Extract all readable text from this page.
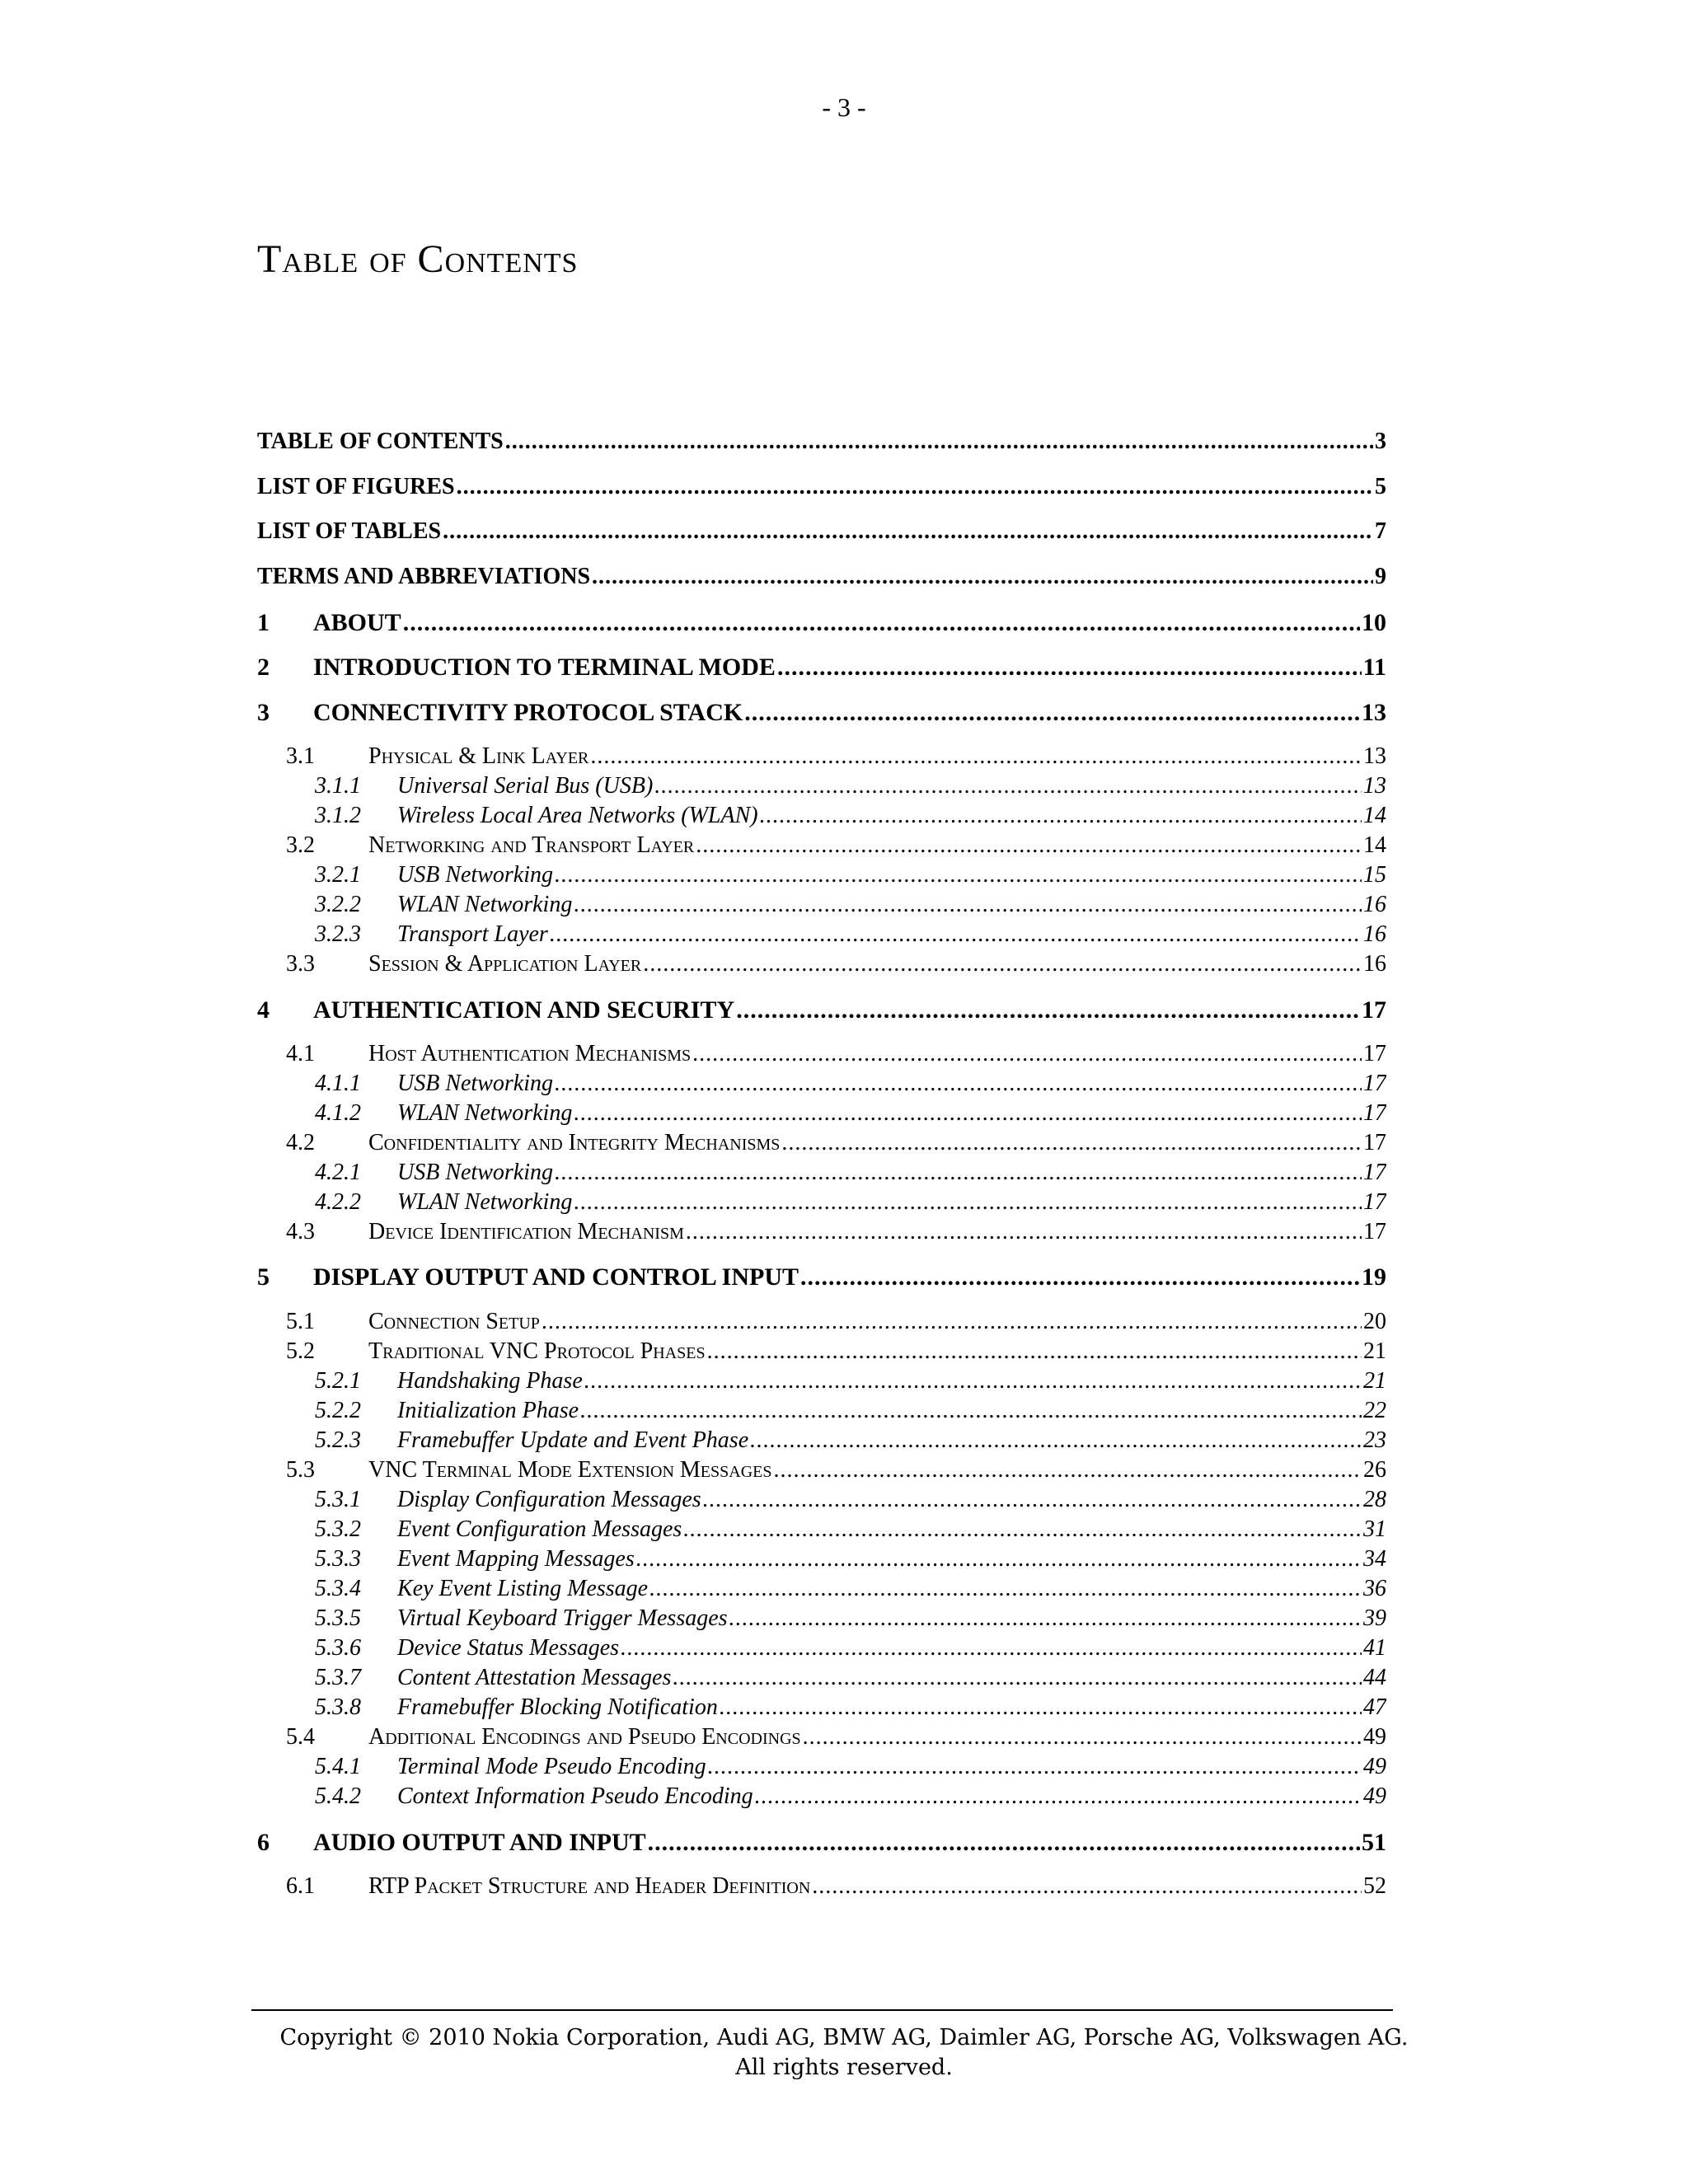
- 3 -
Table of Contents
TABLE OF CONTENTS .....	3
LIST OF FIGURES .....	5
LIST OF TABLES .....	7
TERMS AND ABBREVIATIONS .....	9
1	ABOUT .....	10
2	INTRODUCTION TO TERMINAL MODE .....	11
3	CONNECTIVITY PROTOCOL STACK .....	13
3.1	Physical & Link Layer .....	13
3.1.1	Universal Serial Bus (USB) .....	13
3.1.2	Wireless Local Area Networks (WLAN) .....	14
3.2	Networking and Transport Layer .....	14
3.2.1	USB Networking .....	15
3.2.2	WLAN Networking .....	16
3.2.3	Transport Layer .....	16
3.3	Session & Application Layer .....	16
4	AUTHENTICATION AND SECURITY .....	17
4.1	Host Authentication Mechanisms .....	17
4.1.1	USB Networking .....	17
4.1.2	WLAN Networking .....	17
4.2	Confidentiality and Integrity Mechanisms .....	17
4.2.1	USB Networking .....	17
4.2.2	WLAN Networking .....	17
4.3	Device Identification Mechanism .....	17
5	DISPLAY OUTPUT AND CONTROL INPUT .....	19
5.1	Connection Setup .....	20
5.2	Traditional VNC Protocol Phases .....	21
5.2.1	Handshaking Phase .....	21
5.2.2	Initialization Phase .....	22
5.2.3	Framebuffer Update and Event Phase .....	23
5.3	VNC Terminal Mode Extension Messages .....	26
5.3.1	Display Configuration Messages .....	28
5.3.2	Event Configuration Messages .....	31
5.3.3	Event Mapping Messages .....	34
5.3.4	Key Event Listing Message .....	36
5.3.5	Virtual Keyboard Trigger Messages .....	39
5.3.6	Device Status Messages .....	41
5.3.7	Content Attestation Messages .....	44
5.3.8	Framebuffer Blocking Notification .....	47
5.4	Additional Encodings and Pseudo Encodings .....	49
5.4.1	Terminal Mode Pseudo Encoding .....	49
5.4.2	Context Information Pseudo Encoding .....	49
6	AUDIO OUTPUT AND INPUT .....	51
6.1	RTP Packet Structure and Header Definition .....	52
Copyright © 2010 Nokia Corporation, Audi AG, BMW AG, Daimler AG, Porsche AG, Volkswagen AG.
All rights reserved.
